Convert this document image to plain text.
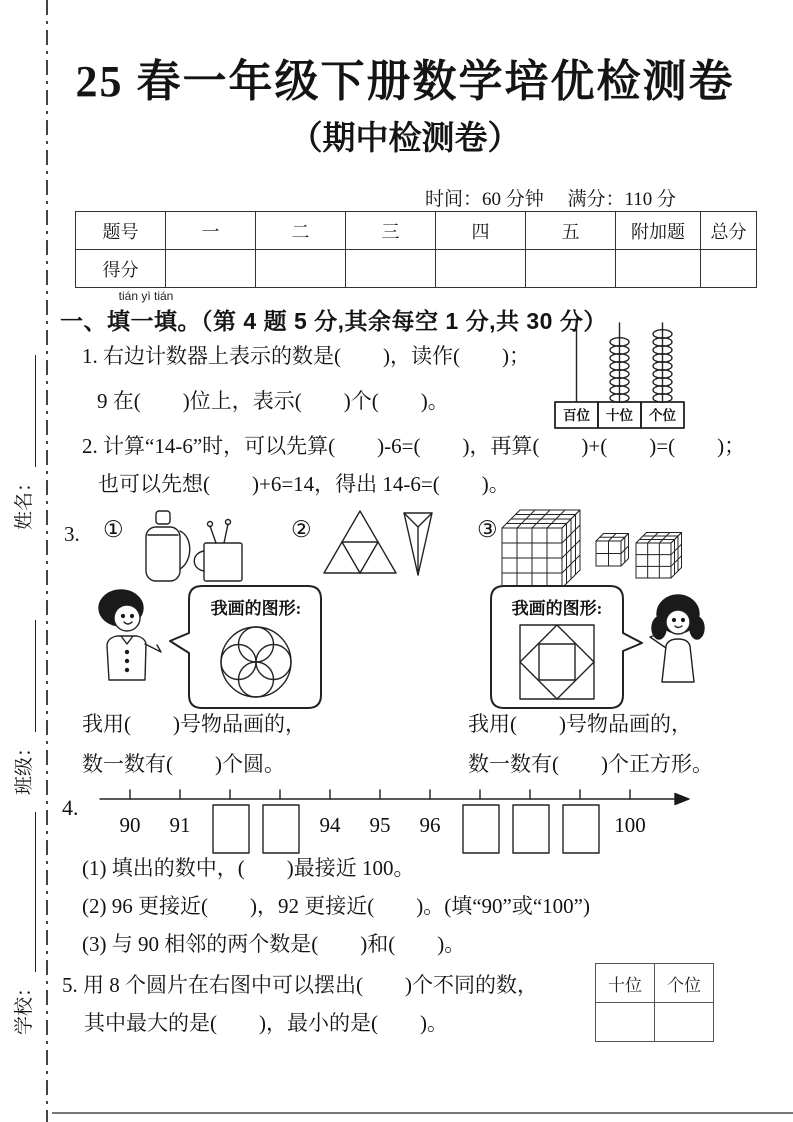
姓名：
班级：
学校：
25 春一年级下册数学培优检测卷
（期中检测卷）
时间：60 分钟　 满分：110 分
题号	一	二	三	四	五	附加题	总分
得分							
tián yì tián
一、填一填。（第 4 题 5 分,其余每空 1 分,共 30 分）
1. 右边计数器上表示的数是(　　)，读作(　　)；
9 在(　　)位上，表示(　　)个(　　)。
百位 十位 个位
2. 计算“14-6”时，可以先算(　　)-6=(　　)，再算(　　)+(　　)=(　　)；
也可以先想(　　)+6=14，得出 14-6=(　　)。
3. ①	②	③
我画的图形:	我画的图形:
我用(　　)号物品画的，
数一数有(　　)个圆。
我用(　　)号物品画的，
数一数有(　　)个正方形。
4.
90 91	94 95 96	100
(1) 填出的数中，(　　)最接近 100。
(2) 96 更接近(　　)，92 更接近(　　)。(填“90”或“100”)
(3) 与 90 相邻的两个数是(　　)和(　　)。
5. 用 8 个圆片在右图中可以摆出(　　)个不同的数，
其中最大的是(　　)，最小的是(　　)。
十位	个位
